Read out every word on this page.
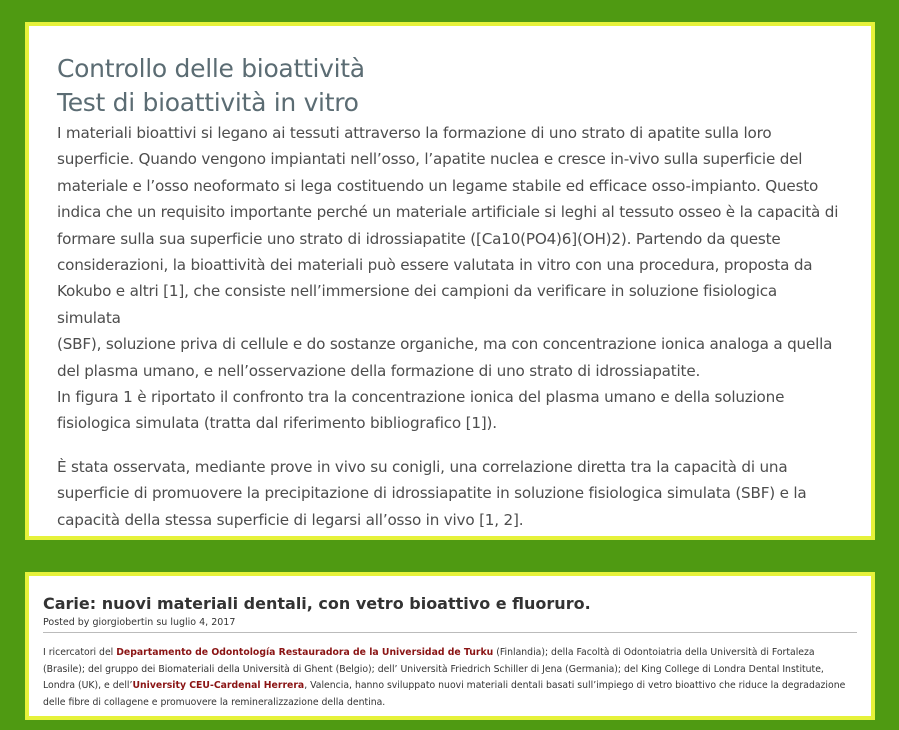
Controllo delle bioattività
Test di bioattività in vitro
I materiali bioattivi si legano ai tessuti attraverso la formazione di uno strato di apatite sulla loro
superficie. Quando vengono impiantati nell’osso, l’apatite nuclea e cresce in-vivo sulla superficie del
materiale e l’osso neoformato si lega costituendo un legame stabile ed efficace osso-impianto. Questo
indica che un requisito importante perché un materiale artificiale si leghi al tessuto osseo è la capacità di
formare sulla sua superficie uno strato di idrossiapatite ([Ca10(PO4)6](OH)2). Partendo da queste
considerazioni, la bioattività dei materiali può essere valutata in vitro con una procedura, proposta da
Kokubo e altri [1], che consiste nell’immersione dei campioni da verificare in soluzione fisiologica simulata
(SBF), soluzione priva di cellule e do sostanze organiche, ma con concentrazione ionica analoga a quella
del plasma umano, e nell’osservazione della formazione di uno strato di idrossiapatite.
In figura 1 è riportato il confronto tra la concentrazione ionica del plasma umano e della soluzione
fisiologica simulata (tratta dal riferimento bibliografico [1]).
È stata osservata, mediante prove in vivo su conigli, una correlazione diretta tra la capacità di una
superficie di promuovere la precipitazione di idrossiapatite in soluzione fisiologica simulata (SBF) e la
capacità della stessa superficie di legarsi all’osso in vivo [1, 2].
Carie: nuovi materiali dentali, con vetro bioattivo e fluoruro.
Posted by giorgiobertin su luglio 4, 2017
I ricercatori del Departamento de Odontología Restauradora de la Universidad de Turku (Finlandia); della Facoltà di Odontoiatria della Università di Fortaleza (Brasile); del gruppo dei Biomateriali della Università di Ghent (Belgio); dell’ Università Friedrich Schiller di Jena (Germania); del King College di Londra Dental Institute, Londra (UK), e dell’University CEU-Cardenal Herrera, Valencia, hanno sviluppato nuovi materiali dentali basati sull’impiego di vetro bioattivo che riduce la degradazione delle fibre di collagene e promuovere la remineralizzazione della dentina.
